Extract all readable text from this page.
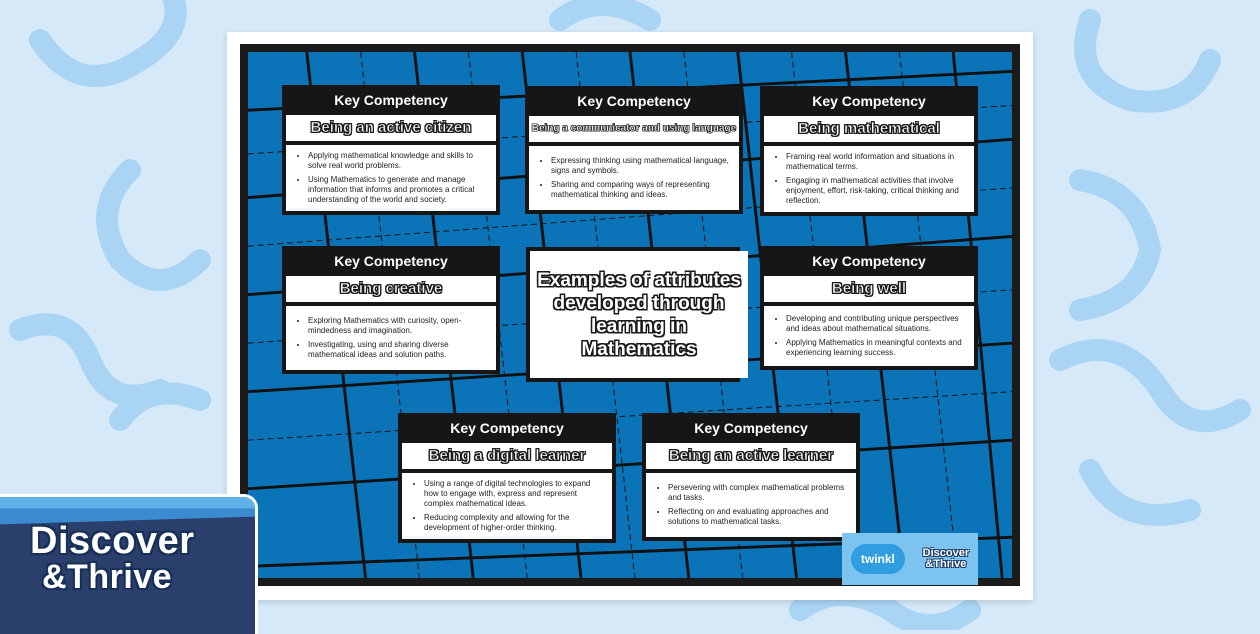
Key Competency
Being an active citizen
• Applying mathematical knowledge and skills to solve real world problems.
• Using Mathematics to generate and manage information that informs and promotes a critical understanding of the world and society.
Key Competency
Being a communicator and using language
• Expressing thinking using mathematical language, signs and symbols.
• Sharing and comparing ways of representing mathematical thinking and ideas.
Key Competency
Being mathematical
• Framing real world information and situations in mathematical terms.
• Engaging in mathematical activities that involve enjoyment, effort, risk-taking, critical thinking and reflection.
Key Competency
Being creative
• Exploring Mathematics with curiosity, open-mindedness and imagination.
• Investigating, using and sharing diverse mathematical ideas and solution paths.
Examples of attributes developed through learning in Mathematics
Key Competency
Being well
• Developing and contributing unique perspectives and ideas about mathematical situations.
• Applying Mathematics in meaningful contexts and experiencing learning success.
Key Competency
Being a digital learner
• Using a range of digital technologies to expand how to engage with, express and represent complex mathematical ideas.
• Reducing complexity and allowing for the development of higher-order thinking.
Key Competency
Being an active learner
• Persevering with complex mathematical problems and tasks.
• Reflecting on and evaluating approaches and solutions to mathematical tasks.
twinkl	Discover
&Thrive
Discover
&Thrive
